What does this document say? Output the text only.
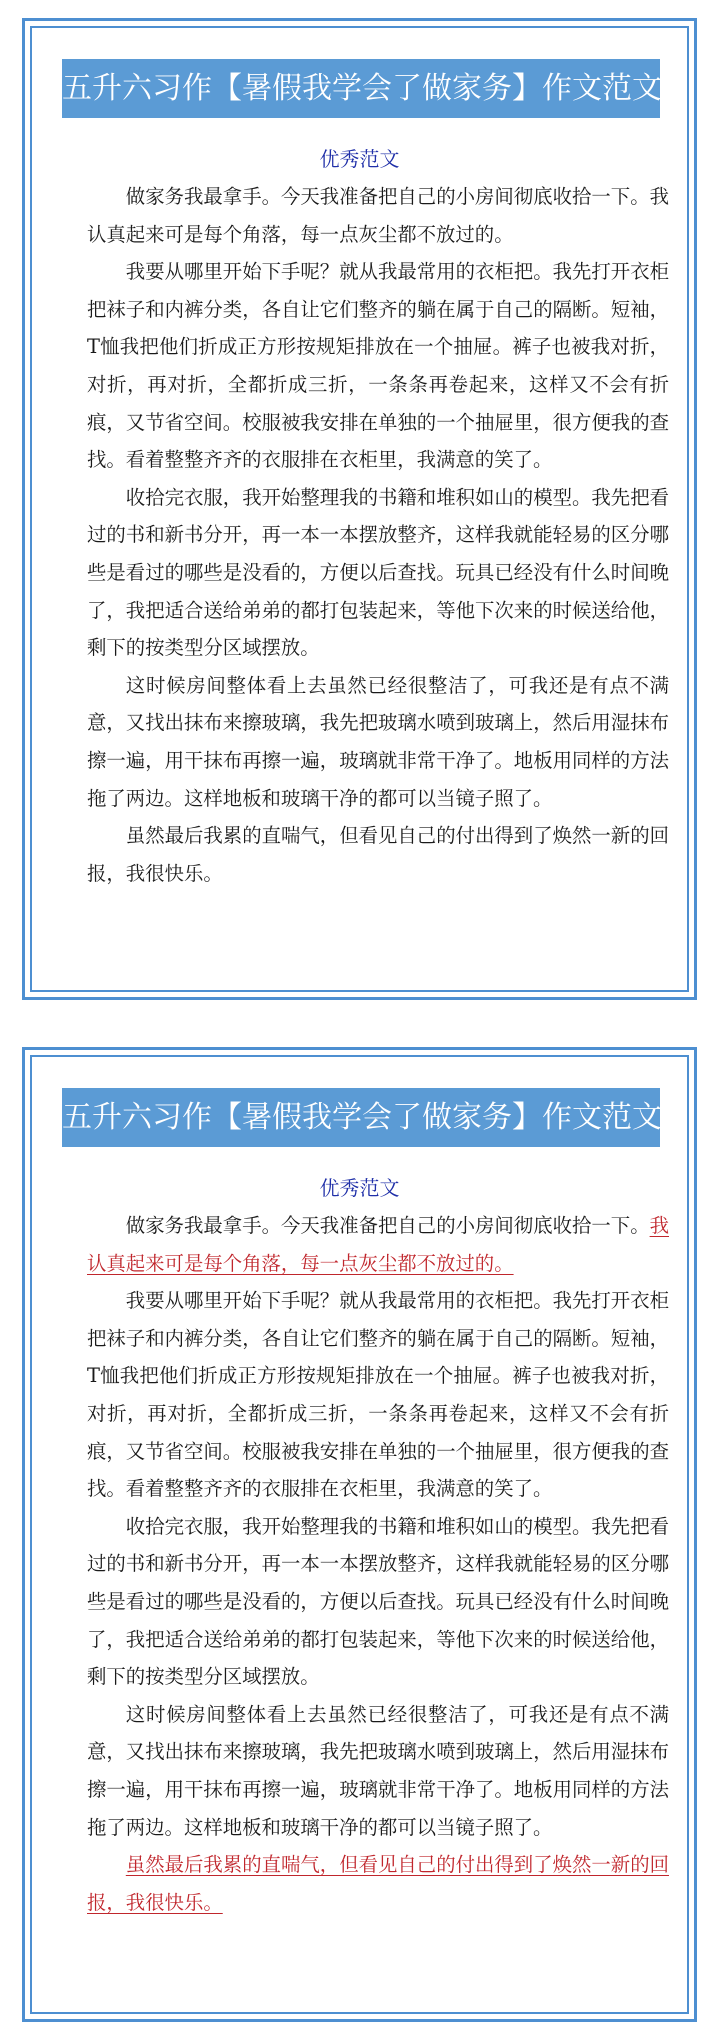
五升六习作【暑假我学会了做家务】作文范文
优秀范文

做家务我最拿手。今天我准备把自己的小房间彻底收拾一下。我认真起来可是每个角落，每一点灰尘都不放过的。

我要从哪里开始下手呢？就从我最常用的衣柜把。我先打开衣柜把袜子和内裤分类，各自让它们整齐的躺在属于自己的隔断。短袖，T恤我把他们折成正方形按规矩排放在一个抽屉。裤子也被我对折，对折，再对折，全都折成三折，一条条再卷起来，这样又不会有折痕，又节省空间。校服被我安排在单独的一个抽屉里，很方便我的查找。看着整整齐齐的衣服排在衣柜里，我满意的笑了。

收拾完衣服，我开始整理我的书籍和堆积如山的模型。我先把看过的书和新书分开，再一本一本摆放整齐，这样我就能轻易的区分哪些是看过的哪些是没看的，方便以后查找。玩具已经没有什么时间晚了，我把适合送给弟弟的都打包装起来，等他下次来的时候送给他，剩下的按类型分区域摆放。

这时候房间整体看上去虽然已经很整洁了，可我还是有点不满意，又找出抹布来擦玻璃，我先把玻璃水喷到玻璃上，然后用湿抹布擦一遍，用干抹布再擦一遍，玻璃就非常干净了。地板用同样的方法拖了两边。这样地板和玻璃干净的都可以当镜子照了。

虽然最后我累的直喘气，但看见自己的付出得到了焕然一新的回报，我很快乐。

五升六习作【暑假我学会了做家务】作文范文
优秀范文

做家务我最拿手。今天我准备把自己的小房间彻底收拾一下。我认真起来可是每个角落，每一点灰尘都不放过的。

我要从哪里开始下手呢？就从我最常用的衣柜把。我先打开衣柜把袜子和内裤分类，各自让它们整齐的躺在属于自己的隔断。短袖，T恤我把他们折成正方形按规矩排放在一个抽屉。裤子也被我对折，对折，再对折，全都折成三折，一条条再卷起来，这样又不会有折痕，又节省空间。校服被我安排在单独的一个抽屉里，很方便我的查找。看着整整齐齐的衣服排在衣柜里，我满意的笑了。

收拾完衣服，我开始整理我的书籍和堆积如山的模型。我先把看过的书和新书分开，再一本一本摆放整齐，这样我就能轻易的区分哪些是看过的哪些是没看的，方便以后查找。玩具已经没有什么时间晚了，我把适合送给弟弟的都打包装起来，等他下次来的时候送给他，剩下的按类型分区域摆放。

这时候房间整体看上去虽然已经很整洁了，可我还是有点不满意，又找出抹布来擦玻璃，我先把玻璃水喷到玻璃上，然后用湿抹布擦一遍，用干抹布再擦一遍，玻璃就非常干净了。地板用同样的方法拖了两边。这样地板和玻璃干净的都可以当镜子照了。

虽然最后我累的直喘气，但看见自己的付出得到了焕然一新的回报，我很快乐。
